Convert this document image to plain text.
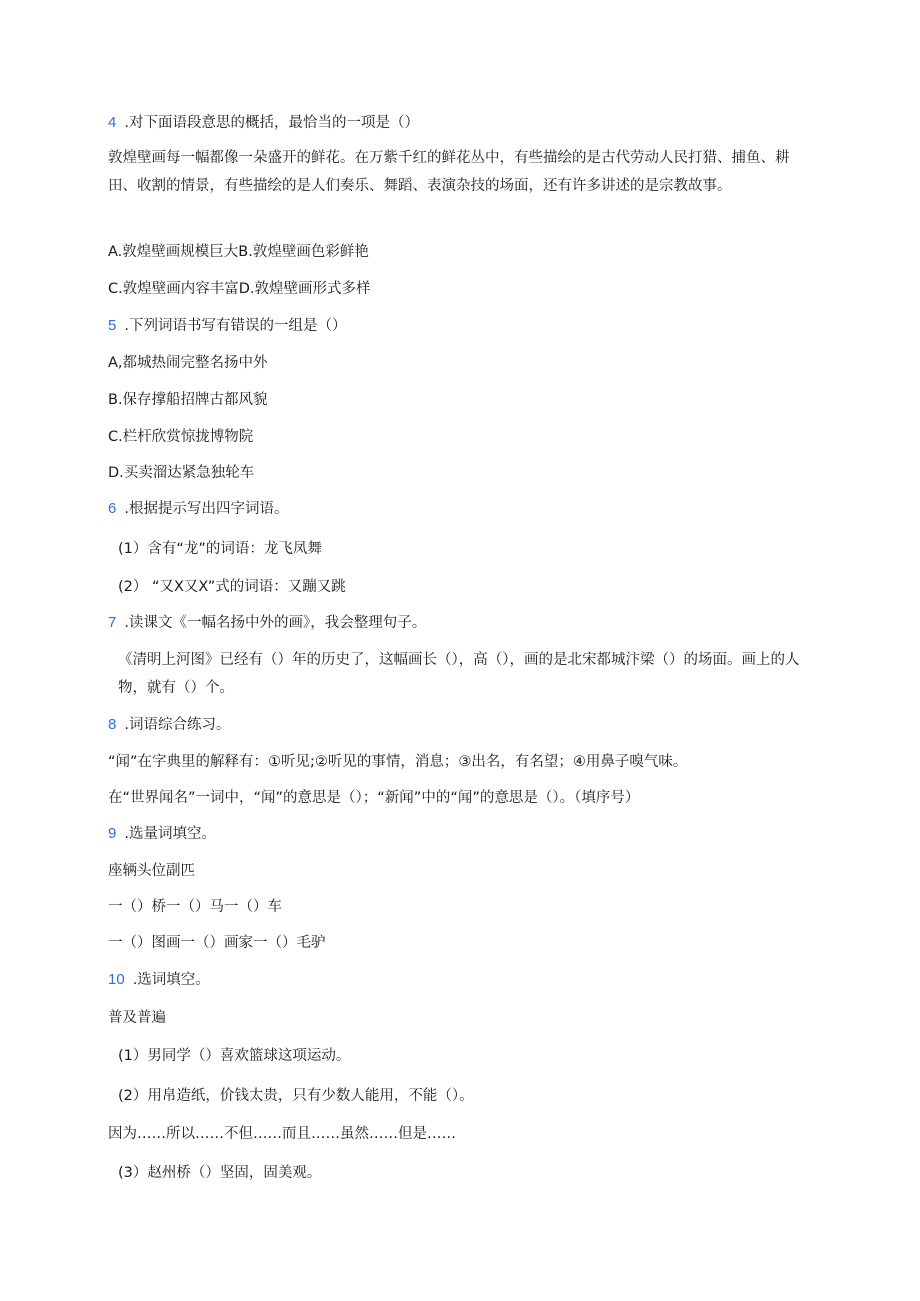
4 .对下面语段意思的概括，最恰当的一项是（）
敦煌壁画每一幅都像一朵盛开的鲜花。在万紫千红的鲜花丛中，有些描绘的是古代劳动人民打猎、捕鱼、耕田、收割的情景，有些描绘的是人们奏乐、舞蹈、表演杂技的场面，还有许多讲述的是宗教故事。
A.敦煌壁画规模巨大B.敦煌壁画色彩鲜艳
C.敦煌壁画内容丰富D.敦煌壁画形式多样
5 .下列词语书写有错误的一组是（）
A,都城热闹完整名扬中外
B.保存撑船招牌古都风貌
C.栏杆欣赏惊拢博物院
D.买卖溜达紧急独轮车
6 .根据提示写出四字词语。
(1）含有“龙”的词语：龙飞凤舞
(2） “又X又X”式的词语：又蹦又跳
7 .读课文《一幅名扬中外的画》，我会整理句子。
《清明上河图》已经有（）年的历史了，这幅画长（），高（），画的是北宋都城汴梁（）的场面。画上的人物，就有（）个。
8 .词语综合练习。
“闻”在字典里的解释有：①听见;②听见的事情，消息；③出名，有名望；④用鼻子嗅气味。
在“世界闻名”一词中，“闻”的意思是（）；“新闻”中的“闻”的意思是（）。（填序号）
9 .选量词填空。
座辆头位副匹
一（）桥一（）马一（）车
一（）图画一（）画家一（）毛驴
10 .选词填空。
普及普遍
(1）男同学（）喜欢篮球这项运动。
(2）用帛造纸，价钱太贵，只有少数人能用，不能（）。
因为……所以……不但……而且……虽然……但是……
(3）赵州桥（）坚固，固美观。
